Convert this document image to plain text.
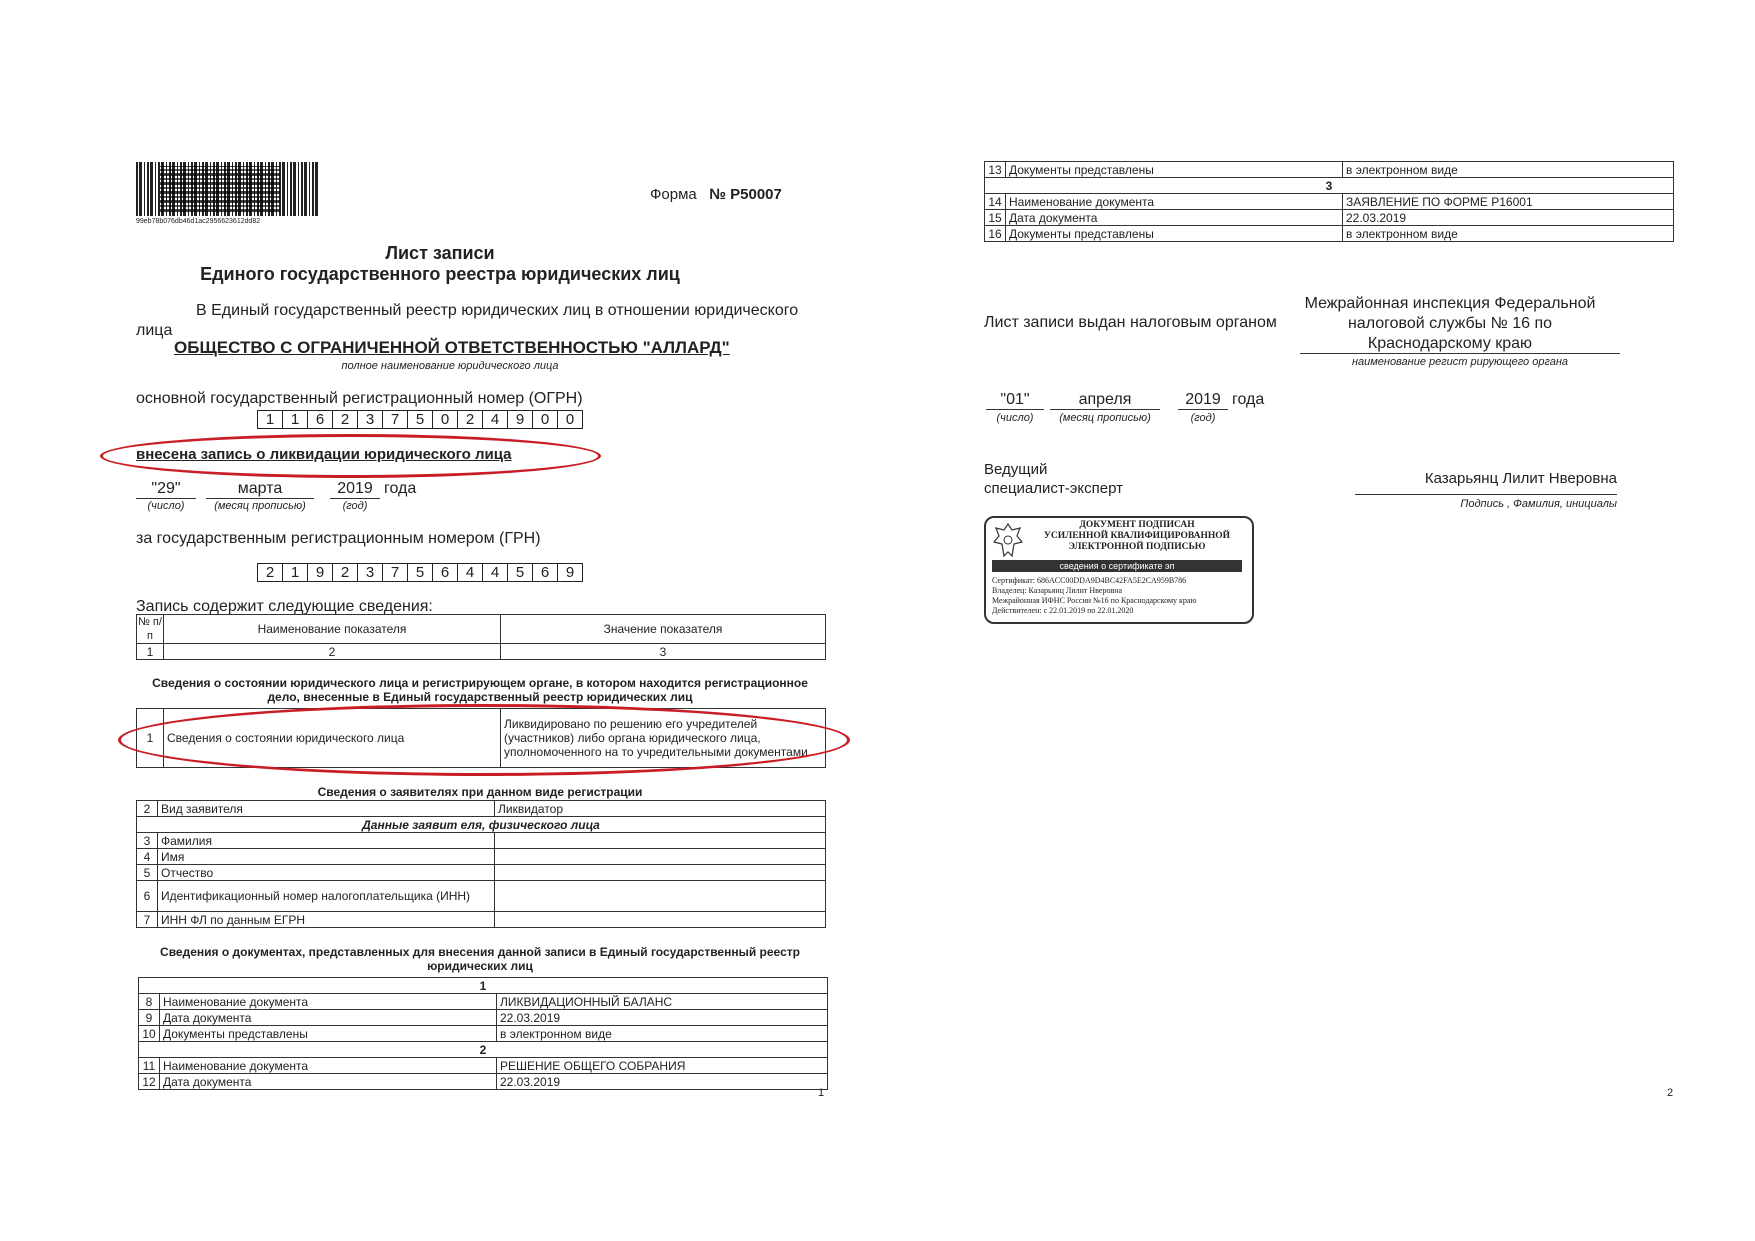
99eb78b076db46d1ac2956623612dd82
Форма № Р50007
Лист записи
Единого государственного реестра юридических лиц
В Единый государственный реестр юридических лиц в отношении юридического
лица
ОБЩЕСТВО С ОГРАНИЧЕННОЙ ОТВЕТСТВЕННОСТЬЮ "АЛЛАРД"
полное наименование юридического лица
основной государственный регистрационный номер (ОГРН)
1	1	6	2	3	7	5	0	2	4	9	0	0
внесена запись о ликвидации юридического лица
"29"	марта	2019 года
(число)	(месяц прописью)	(год)
за государственным регистрационным номером (ГРН)
2	1	9	2	3	7	5	6	4	4	5	6	9
Запись содержит следующие сведения:
№ п/п	Наименование показателя	Значение показателя
1	2	3
Сведения о состоянии юридического лица и регистрирующем органе, в котором находится регистрационное дело, внесенные в Единый государственный реестр юридических лиц
1	Сведения о состоянии юридического лица	Ликвидировано по решению его учредителей (участников) либо органа юридического лица, уполномоченного на то учредительными документами
Сведения о заявителях при данном виде регистрации
2	Вид заявителя	Ликвидатор
Данные заявит еля, физического лица		
3	Фамилия	
4	Имя	
5	Отчество	
6	Идентификационный номер налогоплательщика (ИНН)	
7	ИНН ФЛ по данным ЕГРН	
Сведения о документах, представленных для внесения данной записи в Единый государственный реестр юридических лиц
1		
8	Наименование документа	ЛИКВИДАЦИОННЫЙ БАЛАНС
9	Дата документа	22.03.2019
10	Документы представлены	в электронном виде
2		
11	Наименование документа	РЕШЕНИЕ ОБЩЕГО СОБРАНИЯ
12	Дата документа	22.03.2019
1
13	Документы представлены	в электронном виде
3		
14	Наименование документа	ЗАЯВЛЕНИЕ ПО ФОРМЕ Р16001
15	Дата документа	22.03.2019
16	Документы представлены	в электронном виде
Лист записи выдан налоговым органом
Межрайонная инспекция Федеральной
налоговой службы № 16 по
Краснодарскому краю
наименование регист рирующего органа
"01"	апреля	2019 года
(число)	(месяц прописью)	(год)
Ведущий
специалист-эксперт
Казарьянц Лилит Нверовна
Подпись , Фамилия, инициалы
ДОКУМЕНТ ПОДПИСАН
УСИЛЕННОЙ КВАЛИФИЦИРОВАННОЙ
ЭЛЕКТРОННОЙ ПОДПИСЬЮ
сведения о сертификате эп
Сертификат: 686ACC00DDA9D4BC42FA5E2CA959B786
Владелец: Казарьянц Лилит Нверовна
Межрайонная ИФНС России №16 по Краснодарскому краю
Действителен: с 22.01.2019 по 22.01.2020
2
